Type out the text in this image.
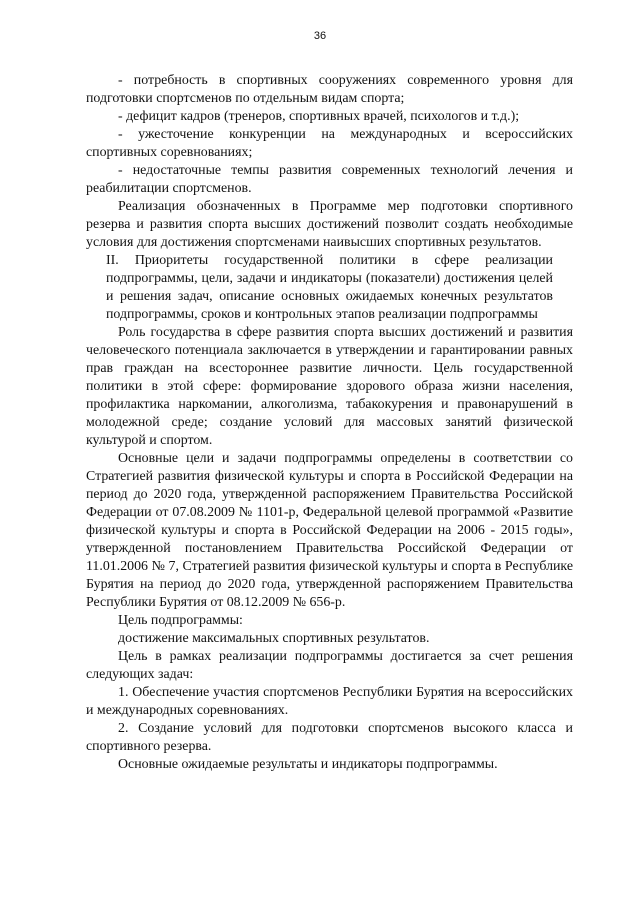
36

- потребность в спортивных сооружениях современного уровня для подготовки спортсменов по отдельным видам спорта;

- дефицит кадров (тренеров, спортивных врачей, психологов и т.д.);

- ужесточение конкуренции на международных и всероссийских спортивных соревнованиях;

- недостаточные темпы развития современных технологий лечения и реабилитации спортсменов.

Реализация обозначенных в Программе мер подготовки спортивного резерва и развития спорта высших достижений позволит создать необходимые условия для достижения спортсменами наивысших спортивных результатов.

II. Приоритеты государственной политики в сфере реализации подпрограммы, цели, задачи и индикаторы (показатели) достижения целей и решения задач, описание основных ожидаемых конечных результатов подпрограммы, сроков и контрольных этапов реализации подпрограммы

Роль государства в сфере развития спорта высших достижений и развития человеческого потенциала заключается в утверждении и гарантировании равных прав граждан на всестороннее развитие личности. Цель государственной политики в этой сфере: формирование здорового образа жизни населения, профилактика наркомании, алкоголизма, табакокурения и правонарушений в молодежной среде; создание условий для массовых занятий физической культурой и спортом.

Основные цели и задачи подпрограммы определены в соответствии со Стратегией развития физической культуры и спорта в Российской Федерации на период до 2020 года, утвержденной распоряжением Правительства Российской Федерации от 07.08.2009 № 1101-р, Федеральной целевой программой «Развитие физической культуры и спорта в Российской Федерации на 2006 - 2015 годы», утвержденной постановлением Правительства Российской Федерации от 11.01.2006 № 7, Стратегией развития физической культуры и спорта в Республике Бурятия на период до 2020 года, утвержденной распоряжением Правительства Республики Бурятия от 08.12.2009 № 656-р.

Цель подпрограммы:

достижение максимальных спортивных результатов.

Цель в рамках реализации подпрограммы достигается за счет решения следующих задач:

1. Обеспечение участия спортсменов Республики Бурятия на всероссийских и международных соревнованиях.

2. Создание условий для подготовки спортсменов высокого класса и спортивного резерва.

Основные ожидаемые результаты и индикаторы подпрограммы.
